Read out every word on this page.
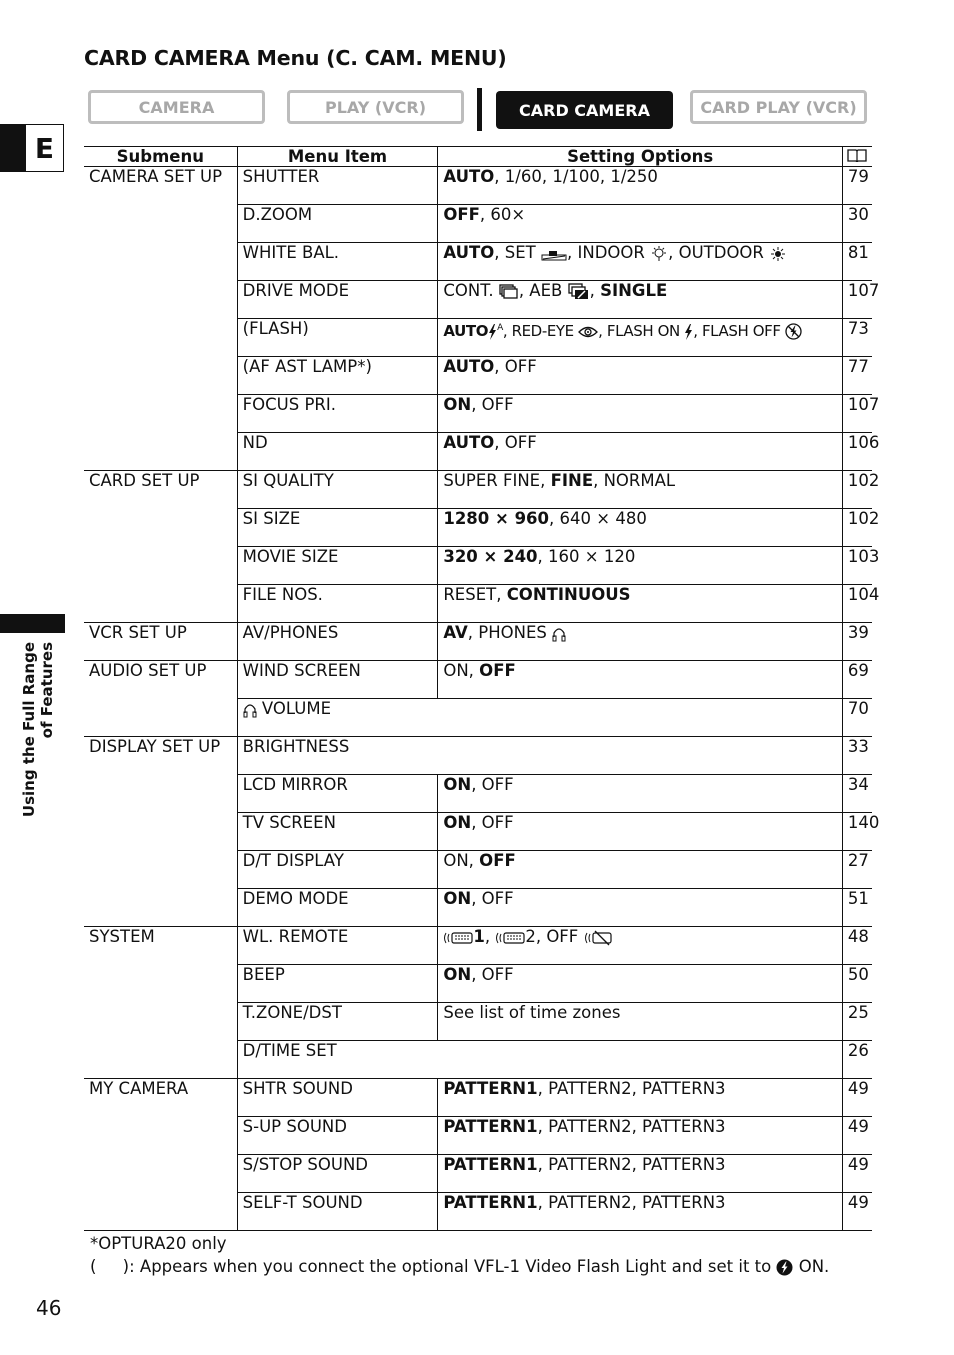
CARD CAMERA Menu (C. CAM. MENU)
CAMERA	PLAY (VCR)	CARD CAMERA	CARD PLAY (VCR)
E
Using the Full Range of Features
Submenu	Menu Item	Setting Options	
CAMERA SET UP	SHUTTER	AUTO, 1/60, 1/100, 1/250	79
	D.ZOOM	OFF, 60×	30
	WHITE BAL.	AUTO, SET , INDOOR , OUTDOOR	81
	DRIVE MODE	CONT. , AEB , SINGLE	107
	(FLASH)	AUTO $^A$, RED-EYE , FLASH ON , FLASH OFF	73
	(AF AST LAMP*)	AUTO, OFF	77
	FOCUS PRI.	ON, OFF	107
	ND	AUTO, OFF	106
CARD SET UP	SI QUALITY	SUPER FINE, FINE, NORMAL	102
	SI SIZE	1280 × 960, 640 × 480	102
	MOVIE SIZE	320 × 240, 160 × 120	103
	FILE NOS.	RESET, CONTINUOUS	104
VCR SET UP	AV/PHONES	AV, PHONES	39
AUDIO SET UP	WIND SCREEN	ON, OFF	69
	VOLUME		70
DISPLAY SET UP	BRIGHTNESS		33
	LCD MIRROR	ON, OFF	34
	TV SCREEN	ON, OFF	140
	D/T DISPLAY	ON, OFF	27
	DEMO MODE	ON, OFF	51
SYSTEM	WL. REMOTE	1, 2, OFF	48
	BEEP	ON, OFF	50
	T.ZONE/DST	See list of time zones	25
	D/TIME SET		26
MY CAMERA	SHTR SOUND	PATTERN1, PATTERN2, PATTERN3	49
	S-UP SOUND	PATTERN1, PATTERN2, PATTERN3	49
	S/STOP SOUND	PATTERN1, PATTERN2, PATTERN3	49
	SELF-T SOUND	PATTERN1, PATTERN2, PATTERN3	49
*OPTURA20 only
(     ): Appears when you connect the optional VFL-1 Video Flash Light and set it to  ON.
46
